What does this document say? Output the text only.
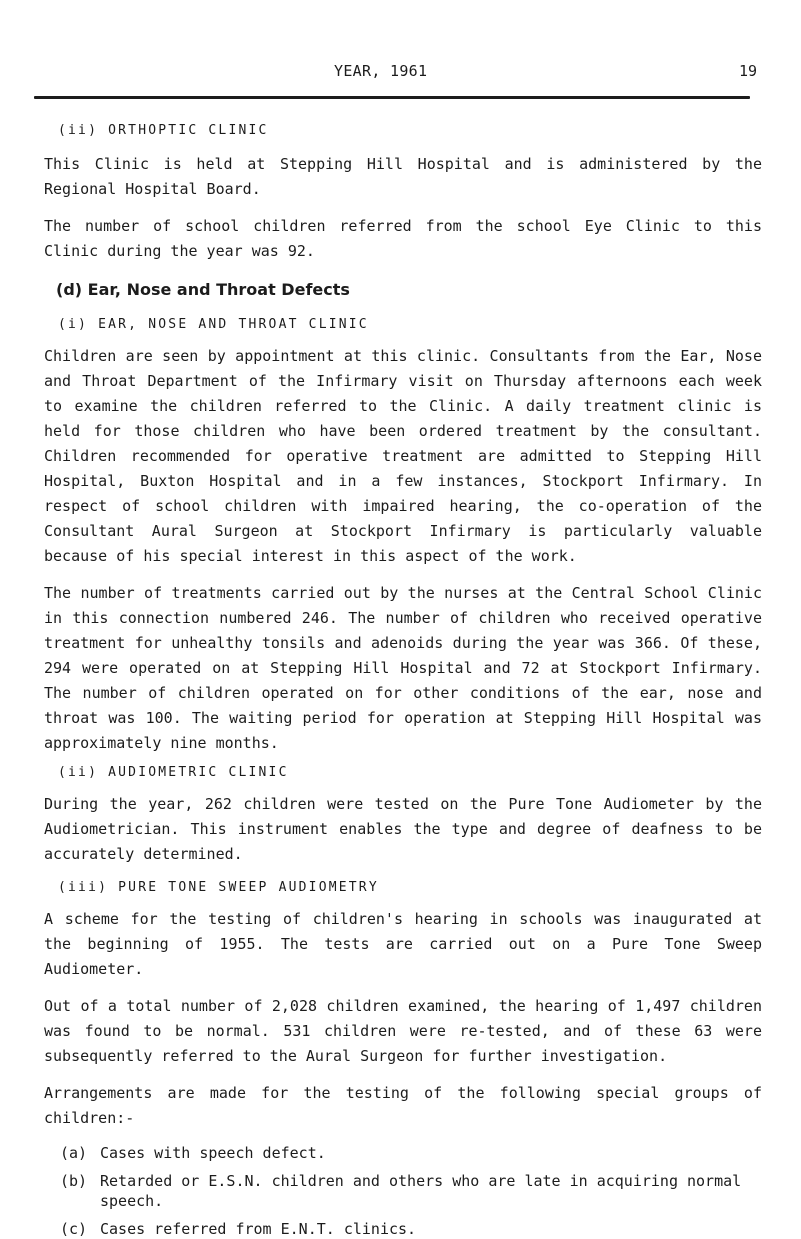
YEAR, 1961	19
(ii) ORTHOPTIC CLINIC

This Clinic is held at Stepping Hill Hospital and is administered by the Regional Hospital Board.

The number of school children referred from the school Eye Clinic to this Clinic during the year was 92.

(d) Ear, Nose and Throat Defects
(i) EAR, NOSE AND THROAT CLINIC

Children are seen by appointment at this clinic. Consultants from the Ear, Nose and Throat Department of the Infirmary visit on Thursday afternoons each week to examine the children referred to the Clinic. A daily treatment clinic is held for those children who have been ordered treatment by the consultant. Children recommended for operative treatment are admitted to Stepping Hill Hospital, Buxton Hospital and in a few instances, Stockport Infirmary. In respect of school children with impaired hearing, the co-operation of the Consultant Aural Surgeon at Stockport Infirmary is particularly valuable because of his special interest in this aspect of the work.

The number of treatments carried out by the nurses at the Central School Clinic in this connection numbered 246. The number of children who received operative treatment for unhealthy tonsils and adenoids during the year was 366. Of these, 294 were operated on at Stepping Hill Hospital and 72 at Stockport Infirmary. The number of children operated on for other conditions of the ear, nose and throat was 100. The waiting period for operation at Stepping Hill Hospital was approximately nine months.

(ii) AUDIOMETRIC CLINIC

During the year, 262 children were tested on the Pure Tone Audiometer by the Audiometrician. This instrument enables the type and degree of deafness to be accurately determined.

(iii) PURE TONE SWEEP AUDIOMETRY

A scheme for the testing of children's hearing in schools was inaugurated at the beginning of 1955. The tests are carried out on a Pure Tone Sweep Audiometer.

Out of a total number of 2,028 children examined, the hearing of 1,497 children was found to be normal. 531 children were re-tested, and of these 63 were subsequently referred to the Aural Surgeon for further investigation.

Arrangements are made for the testing of the following special groups of children:-

(a) Cases with speech defect.
(b) Retarded or E.S.N. children and others who are late in acquiring normal speech.
(c) Cases referred from E.N.T. clinics.
